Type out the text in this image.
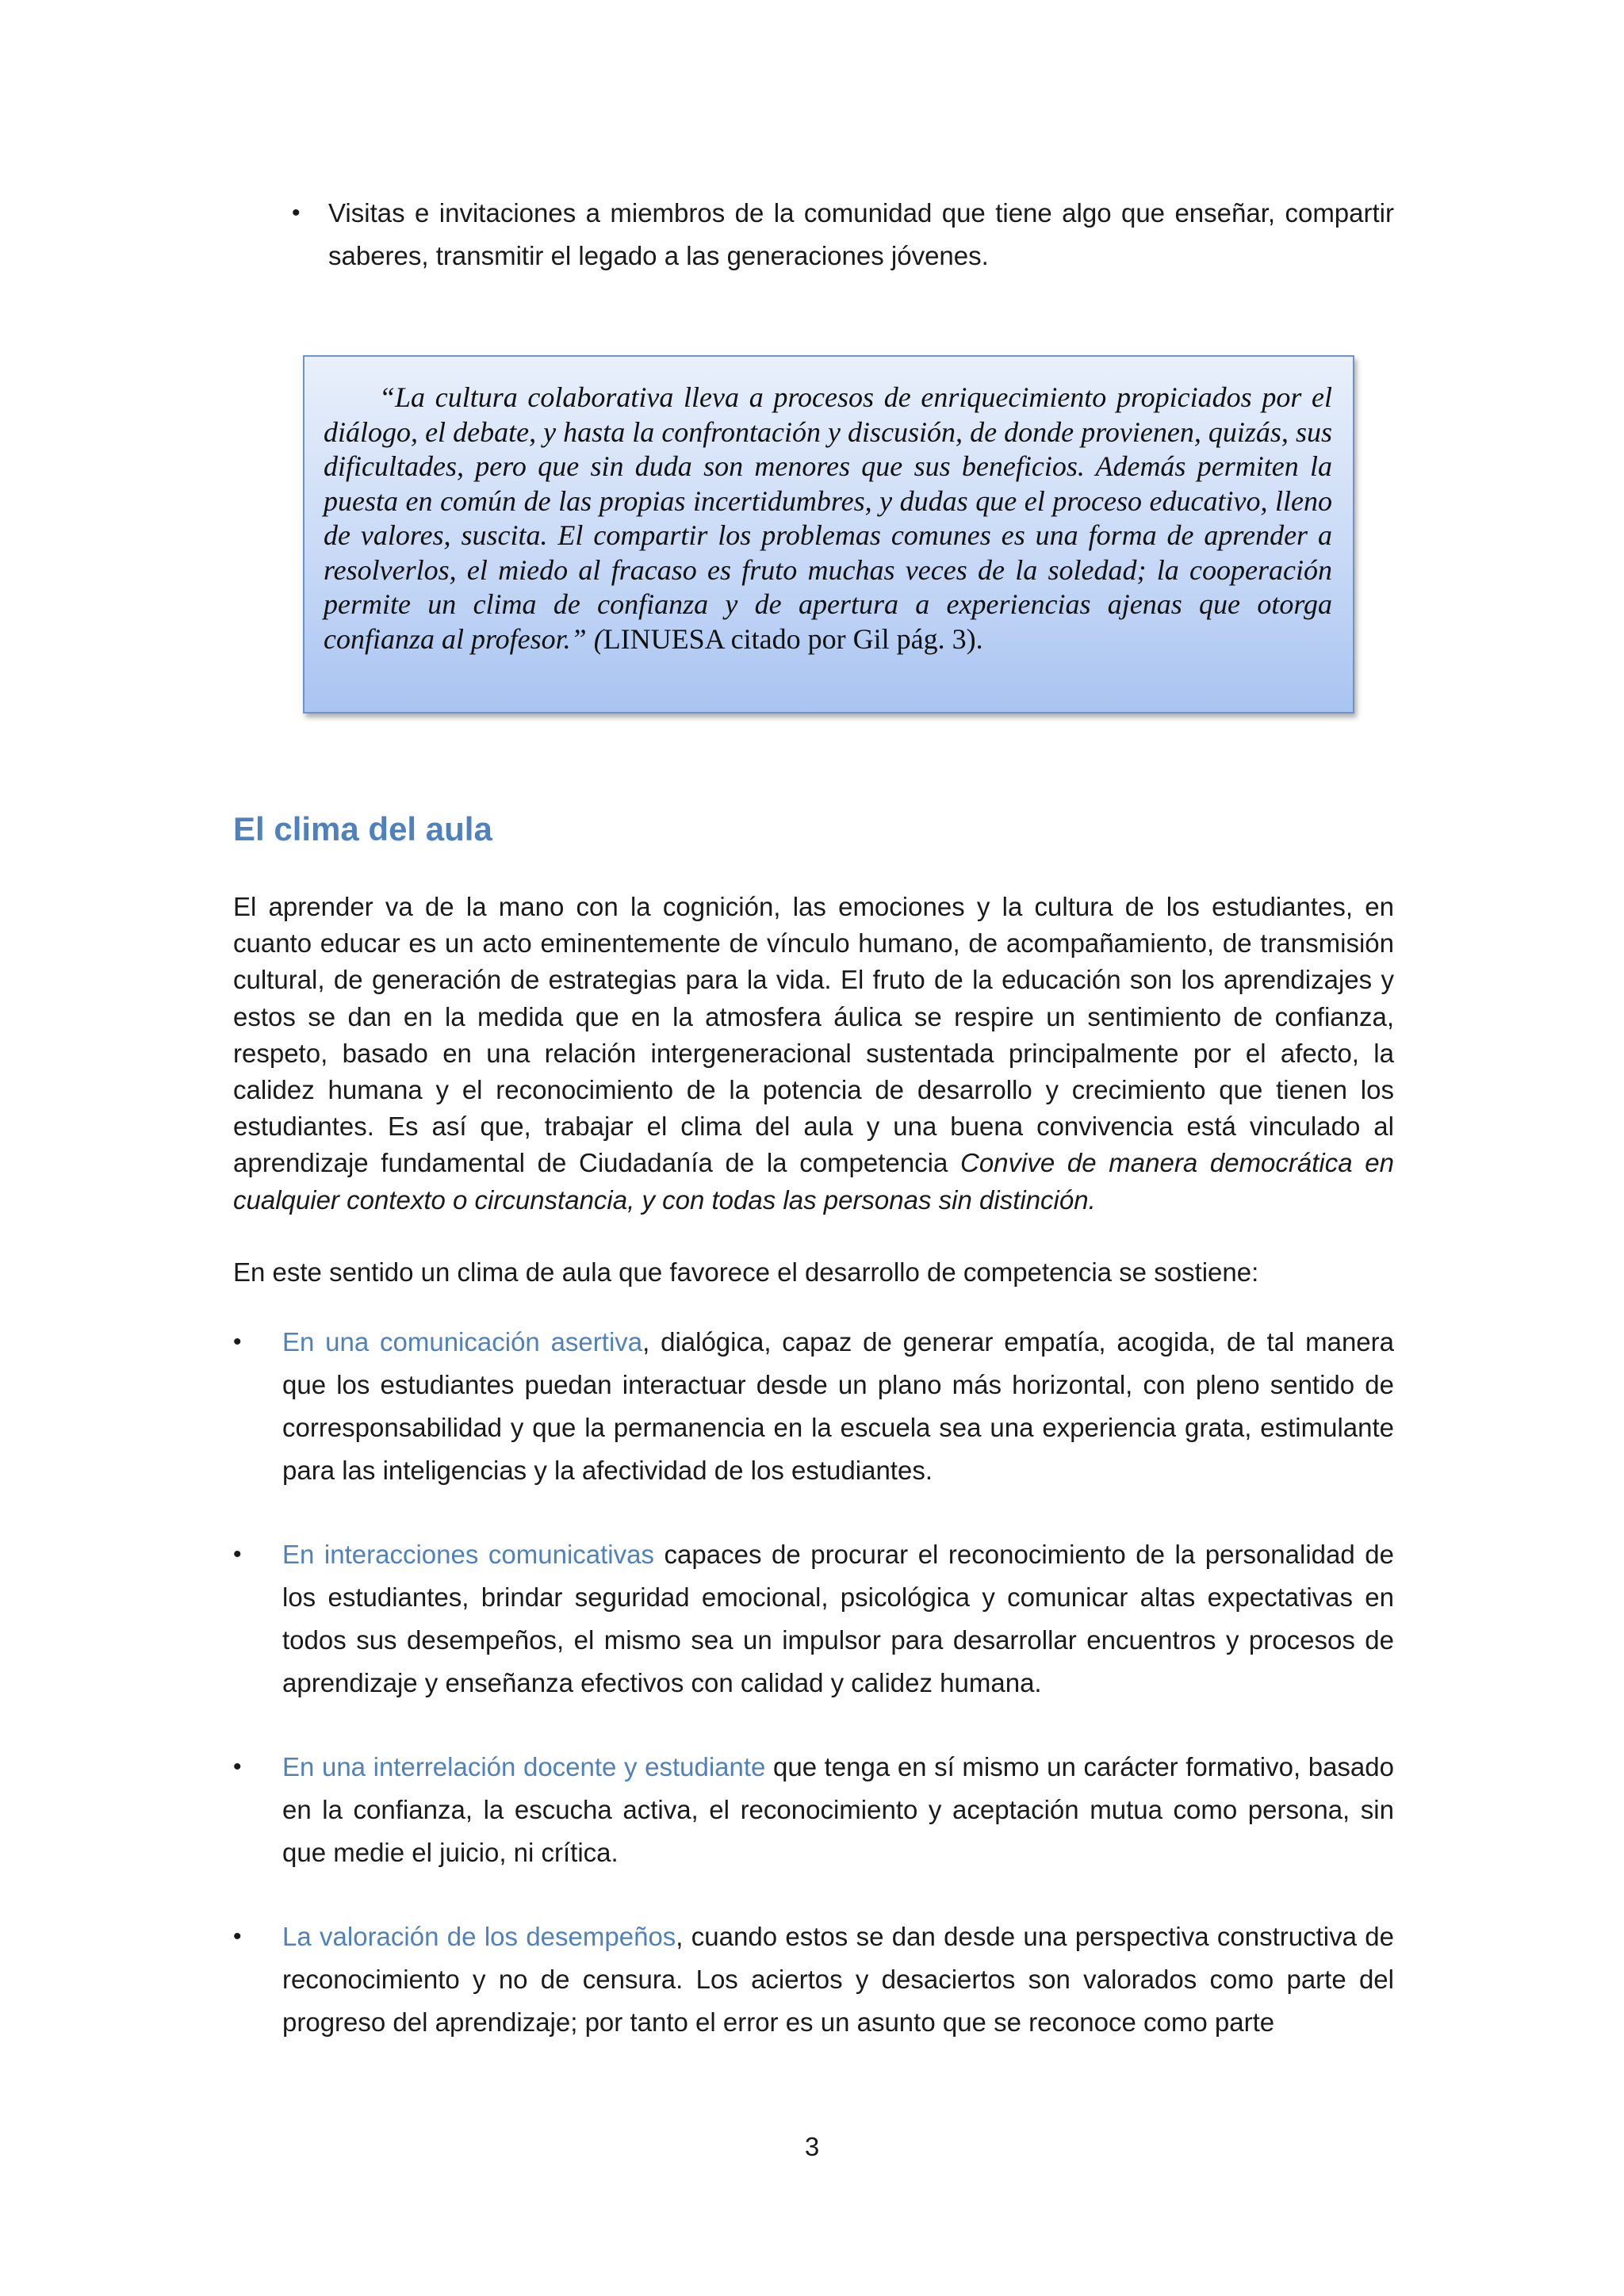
• Visitas e invitaciones a miembros de la comunidad que tiene algo que enseñar, compartir saberes, transmitir el legado a las generaciones jóvenes.
“La cultura colaborativa lleva a procesos de enriquecimiento propiciados por el diálogo, el debate, y hasta la confrontación y discusión, de donde provienen, quizás, sus dificultades, pero que sin duda son menores que sus beneficios. Además permiten la puesta en común de las propias incertidumbres, y dudas que el proceso educativo, lleno de valores, suscita. El compartir los problemas comunes es una forma de aprender a resolverlos, el miedo al fracaso es fruto muchas veces de la soledad; la cooperación permite un clima de confianza y de apertura a experiencias ajenas que otorga confianza al profesor.” (LINUESA citado por Gil pág. 3).
El clima del aula

El aprender va de la mano con la cognición, las emociones y la cultura de los estudiantes, en cuanto educar es un acto eminentemente de vínculo humano, de acompañamiento, de transmisión cultural, de generación de estrategias para la vida. El fruto de la educación son los aprendizajes y estos se dan en la medida que en la atmosfera áulica se respire un sentimiento de confianza, respeto, basado en una relación intergeneracional sustentada principalmente por el afecto, la calidez humana y el reconocimiento de la potencia de desarrollo y crecimiento que tienen los estudiantes. Es así que, trabajar el clima del aula y una buena convivencia está vinculado al aprendizaje fundamental de Ciudadanía de la competencia Convive de manera democrática en cualquier contexto o circunstancia, y con todas las personas sin distinción.

En este sentido un clima de aula que favorece el desarrollo de competencia se sostiene:

• En una comunicación asertiva, dialógica, capaz de generar empatía, acogida, de tal manera que los estudiantes puedan interactuar desde un plano más horizontal, con pleno sentido de corresponsabilidad y que la permanencia en la escuela sea una experiencia grata, estimulante para las inteligencias y la afectividad de los estudiantes.
• En interacciones comunicativas capaces de procurar el reconocimiento de la personalidad de los estudiantes, brindar seguridad emocional, psicológica y comunicar altas expectativas en todos sus desempeños, el mismo sea un impulsor para desarrollar encuentros y procesos de aprendizaje y enseñanza efectivos con calidad y calidez humana.
• En una interrelación docente y estudiante que tenga en sí mismo un carácter formativo, basado en la confianza, la escucha activa, el reconocimiento y aceptación mutua como persona, sin que medie el juicio, ni crítica.
• La valoración de los desempeños, cuando estos se dan desde una perspectiva constructiva de reconocimiento y no de censura. Los aciertos y desaciertos son valorados como parte del progreso del aprendizaje; por tanto el error es un asunto que se reconoce como parte
3
